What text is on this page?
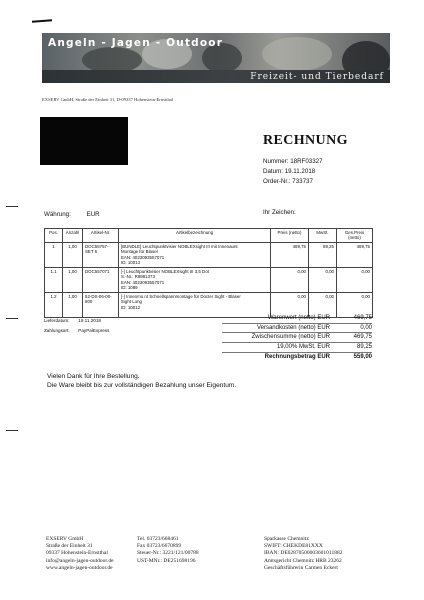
Angeln - Jagen - Outdoor
Freizeit- und Tierbedarf
EXSERV GmbH, Straße der Einheit 31, D-09337 Hohenstein-Ernstthal
RECHNUNG
Nummer: 18RF03327
Datum: 19.11.2018
Order-Nr.: 733737
Währung:	EUR	Ihr Zeichen:
Pos.	Anzahl	Artikel-Nr.	Artikelbezeichnung	Preis (netto)	MwSt.	Ges.Preis (netto)
1	1,00	DOC55757-SET 5	[BUNDLE] Leuchtpunktvisier NOBLEXsight III mit Innenaunt
Montage für Blaser
EAN: 4023093557071
ID: 10013	469,75	89,25	469,75
1.1	1,00	DOC557071	[-] Leuchtpunktvisier NOBLEXsight III 3,5 Dot
S.-Nr.: R8981373
EAN: 4023093557071
ID: 1089	0,00	0,00	0,00
1.2	1,00	52-DS-06-00-800	[-] Innenmo.nt Schnellspannmontage für Docter Sight - Blaser
Sight Long
ID: 10012	0,00	0,00	0,00
Lieferdatum: 19.11.2018
Zahlungsart: PayPalExpress
Warenwert (netto) EUR	469,75
Versandkosten (netto) EUR	0,00
Zwischensumme (netto) EUR	469,75
19,00% MwSt. EUR	89,25
Rechnungsbetrag EUR	559,00
Vielen Dank für Ihre Bestellung.
Die Ware bleibt bis zur vollständigen Bezahlung unser Eigentum.
EXSERV GmbH
Straße der Einheit 31
09337 Hohenstein-Ernstthal
info@angeln-jagen-outdoor.de
www.angeln-jagen-outdoor.de
Tel. 03723/668461
Fax 03723/6670899
Steuer-Nr.: 3221/121/00788
UST-MNr.: DE251698196
Sparkasse Chemnitz
SWIFT: CHEKDE81XXX
IBAN: DE62870500003601011882
Amtsgericht Chemnitz HRB 23262
Geschäftsführerin Carmen Eckert
